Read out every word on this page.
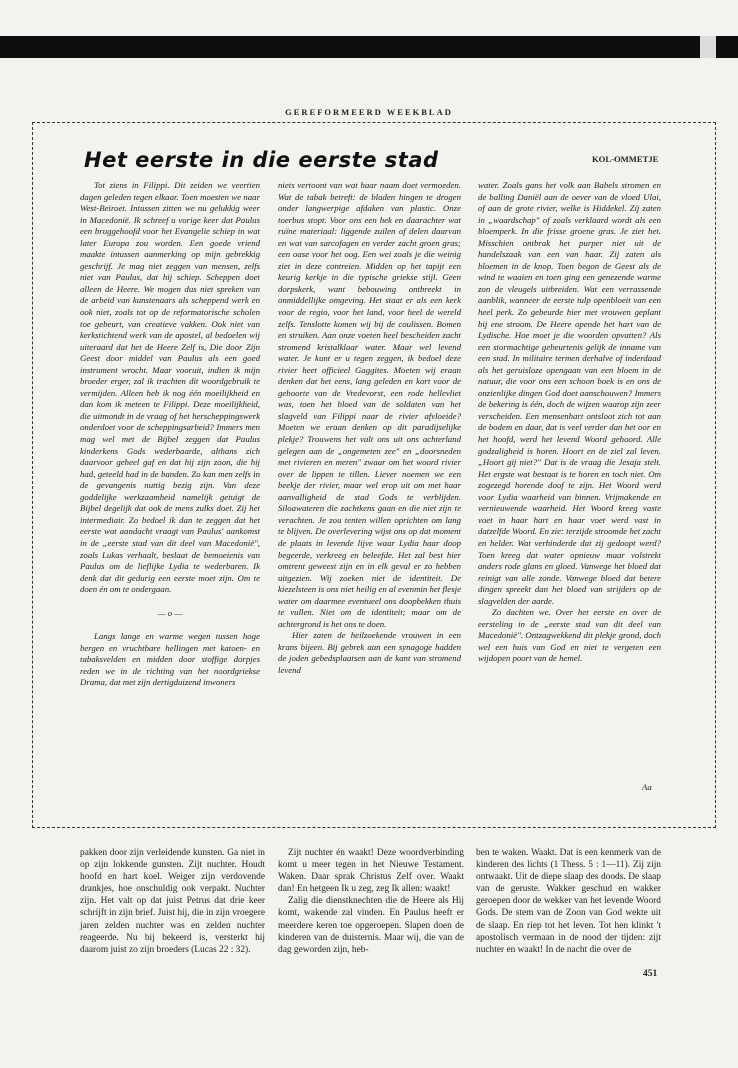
GEREFORMEERD WEEKBLAD
Het eerste in die eerste stad	KOL-OMMETJE

Tot ziens in Filippi. Dit zeiden we veertien dagen geleden tegen elkaar. Toen moesten we naar West-Beiroet. Intussen zitten we nu gelukkig weer in Macedonië. Ik schreef u vorige keer dat Paulus een bruggehoofd voor het Evangelie schiep in wat later Europa zou worden. Een goede vriend maakte intussen aanmerking op mijn gebrekkig geschrijf. Je mag niet zeggen van mensen, zelfs niet van Paulus, dat hij schiep. Scheppen doet alleen de Heere. We mogen dus niet spreken van de arbeid van kunstenaars als scheppend werk en ook niet, zoals tot op de reformatorische scholen toe gebeurt, van creatieve vakken. Ook niet van kerkstichtend werk van de apostel, al bedoelen wij uiteraard dat het de Heere Zelf is, Die door Zijn Geest door middel van Paulus als een goed instrument wrocht. Maar vooruit, indien ik mijn broeder erger, zal ik trachten dit woordgebruik te vermijden. Alleen heb ik nog één moeilijkheid en dan kom ik meteen te Filippi. Deze moeilijkheid, die uitmondt in de vraag of het herscheppingswerk onderdoet voor de scheppingsarbeid? Immers men mag wel met de Bijbel zeggen dat Paulus kinderkens Gods wederbaarde, althans zich daarvoor geheel gaf en dat hij zijn zoon, die hij had, geteeld had in de banden. Zo kan men zelfs in de gevangenis nuttig bezig zijn. Van deze goddelijke werkzaamheid namelijk getuigt de Bijbel degelijk dat ook de mens zulks doet. Zij het intermediair. Zo bedoel ik dan te zeggen dat het eerste wat aandacht vraagt van Paulus' aankomst in de „eerste stad van dit deel van Macedonië", zoals Lukas verhaalt, beslaat de bemoeienis van Paulus om de lieflijke Lydia te wederbaren. Ik denk dat dit gedurig een eerste moet zijn. Om te doen én om te ondergaan.

— o —

Langs lange en warme wegen tussen hoge bergen en vruchtbare hellingen met katoen- en tabaksvelden en midden door stoffige dorpjes reden we in de richting van het noordgriekse Drama, dat met zijn dertigduizend inwoners

niets vertoont van wat haar naam doet vermoeden. Wat de tabak betreft: de bladen hingen te drogen onder langwerpige afdaken van plastic. Onze toerbus stopt. Voor ons een hek en daarachter wat ruïne materiaal: liggende zuilen of delen daarvan en wat van sarcofagen en verder zacht groen gras; een oase voor het oog. Een wei zoals je die weinig ziet in deze contreien. Midden op het tapijt een keurig kerkje in die typische griekse stijl. Geen dorpskerk, want bebouwing ontbreekt in onmiddellijke omgeving. Het staat er als een kerk voor de regio, voor het land, voor heel de wereld zelfs. Tenslotte komen wij bij de coulissen. Bomen en struiken. Aan onze voeten heel bescheiden zacht stromend kristalklaar water. Maar wel levend water. Je kunt er u tegen zeggen, ik bedoel deze rivier heet officieel Gaggites. Moeten wij eraan denken dat het eens, lang geleden en kort voor de geboorte van de Vredevorst, een rode hellevliet was, toen het bloed van de soldaten van het slagveld van Filippi naar de rivier afvloeide? Moeten we eraan denken op dit paradijselijke plekje? Trouwens het valt ons uit ons achterland gelegen aan de „ongemeten zee" en „doorsneden met rivieren en meren" zwaar om het woord rivier over de lippen te tillen. Liever noemen we een beekje der rivier, maar wel erop uit om met haar aanvalligheid de stad Gods te verblijden. Siloawateren die zachtkens gaan en die niet zijn te verachten. Je zou tenten willen oprichten om lang te blijven. De overlevering wijst ons op dat moment de plaats in levende lijve waar Lydia haar doop begeerde, verkreeg en beleefde. Het zal best hier omtrent geweest zijn en in elk geval er zo hebben uitgezien. Wij zoeken niet de identiteit. De kiezelsteen is ons niet heilig en al evenmin het flesje water om daarmee eventueel ons doopbekken thuis te vullen. Niet om de identiteit; maar om de achtergrond is het ons te doen.

Hier zaten de heilzoekende vrouwen in een krans bijeen. Bij gebrek aan een synagoge hadden de joden gebedsplaatsen aan de kant van stromend levend

water. Zoals gans het volk aan Babels stromen en de balling Daniël aan de oever van de vloed Ulai, of aan de grote rivier, welke is Hiddekel. Zij zaten in „waardschap" of zoals verklaard wordt als een bloemperk. In die frisse groene gras. Je ziet het. Misschien ontbrak het purper niet uit de handelszaak van een van haar. Zij zaten als bloemen in de knop. Toen begon de Geest als de wind te waaien en toen ging een genezende warme zon de vleugels uitbreiden. Wat een verrassende aanblik, wanneer de eerste tulp openbloeit van een heel perk. Zo gebeurde hier met vrouwen geplant bij ene stroom. De Heere opende het hart van de Lydische. Hoe moet je die woorden opvatten? Als een stormachtige gebeurtenis gelijk de inname van een stad. In militaire termen derhalve of inderdaad als het geruisloze opengaan van een bloem in de natuur, die voor ons een schoon boek is en ons de onzienlijke dingen God doet aanschouwen? Immers de bekering is één, doch de wijzen waarop zijn zeer verscheiden. Een mensenhart ontsloot zich tot aan de bodem en daar, dat is veel verder dan het oor en het hoofd, werd het levend Woord gehoord. Alle godzaligheid is horen. Hoort en de ziel zal leven. „Hoort gij niet?" Dat is de vraag die Jesaja stelt. Het ergste wat bestaat is te horen en toch niet. Om zogezegd horende doof te zijn. Het Woord werd voor Lydia waarheid van binnen. Vrijmakende en vernieuwende waarheid. Het Woord kreeg vaste voet in haar hart en haar voet werd vast in datzelfde Woord. En zie: terzijde stroomde het zacht en helder. Wat verhinderde dat zij gedoopt werd? Toen kreeg dat water opnieuw maar volstrekt anders rode glans en gloed. Vanwege het bloed dat reinigt van alle zonde. Vanwege bloed dat betere dingen spreekt dan het bloed van strijders op de slagvelden der aarde.

Zo dachten we. Over het eerste en over de eersteling in de „eerste stad van dit deel van Macedonië". Ontzagwekkend dit plekje grond, doch wel een huis van God en niet te vergeten een wijdopen poort van de hemel.

Aa

pakken door zijn verleidende kunsten. Ga niet in op zijn lokkende gunsten. Zijt nuchter. Houdt hoofd en hart koel. Weiger zijn verdovende drankjes, hoe onschuldig ook verpakt. Nuchter zijn. Het valt op dat juist Petrus dat drie keer schrijft in zijn brief. Juist hij, die in zijn vroegere jaren zelden nuchter was en zelden nuchter reageerde. Nu bij bekeerd is, versterkt hij daarom juist zo zijn broeders (Lucas 22 : 32).

Zijt nuchter én waakt! Deze woordverbinding komt u meer tegen in het Nieuwe Testament. Waken. Daar sprak Christus Zelf over. Waakt dan! En hetgeen Ik u zeg, zeg Ik allen: waakt!

Zalig die dienstknechten die de Heere als Hij komt, wakende zal vinden. En Paulus heeft er meerdere keren toe opgeroepen. Slapen doen de kinderen van de duisternis. Maar wij, die van de dag geworden zijn, heb-

ben te waken. Waakt. Dat is een kenmerk van de kinderen des lichts (1 Thess. 5 : 1—11). Zij zijn ontwaakt. Uit de diepe slaap des doods. De slaap van de geruste. Wakker geschud en wakker geroepen door de wekker van het levende Woord Gods. De stem van de Zoon van God wekte uit de slaap. En riep tot het leven. Tot hen klinkt 't apostolisch vermaan in de nood der tijden: zijt nuchter en waakt! In de nacht die over de

451
